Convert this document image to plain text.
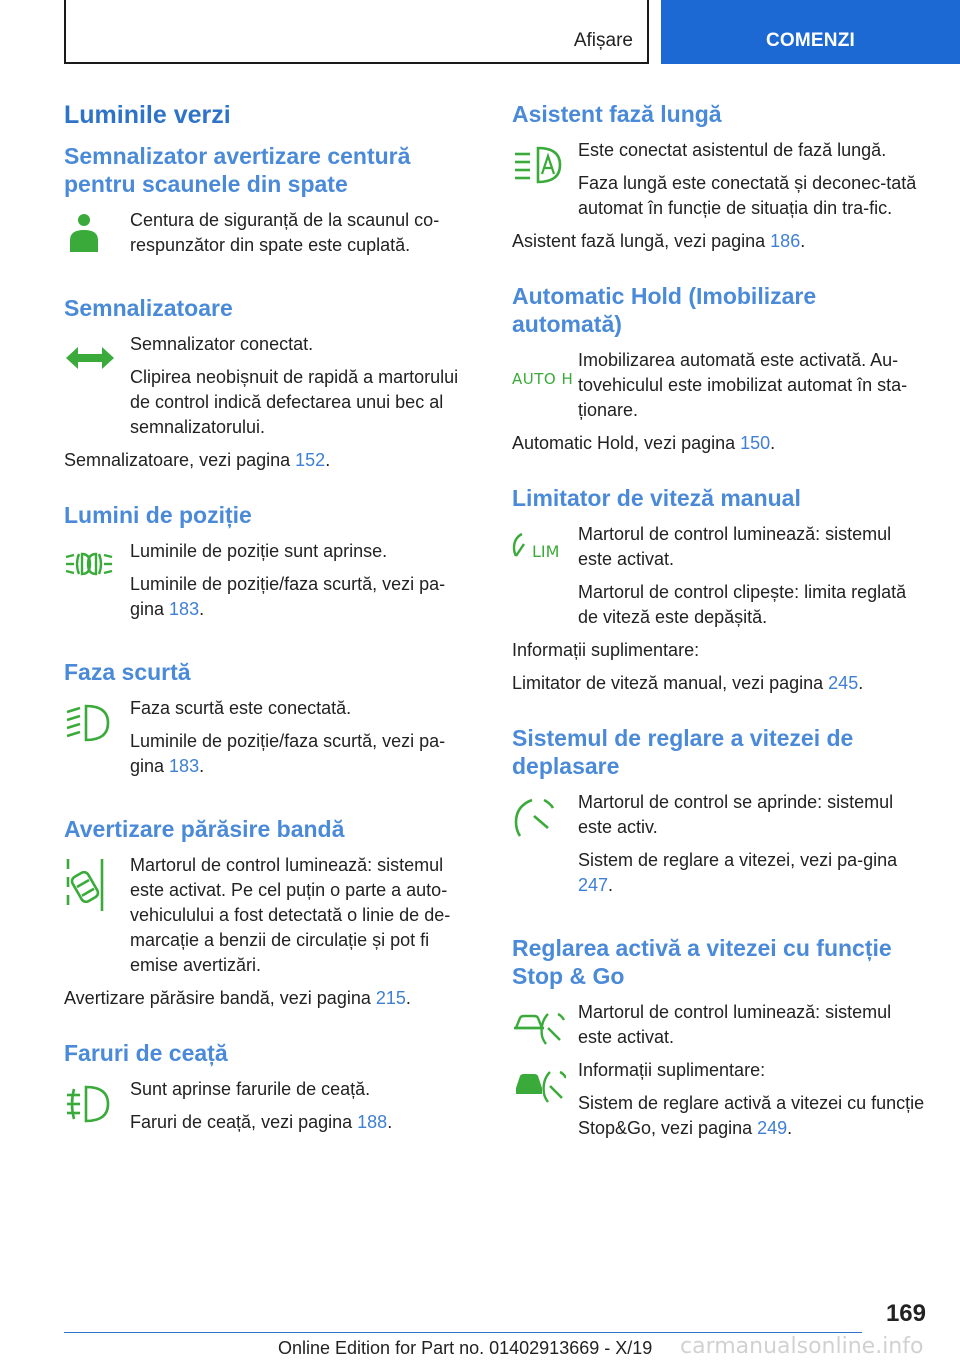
Afișare	COMENZI
Luminile verzi
Semnalizator avertizare centură pentru scaunele din spate

Centura de siguranță de la scaunul co-respunzător din spate este cuplată.

Semnalizatoare

Semnalizator conectat.

Clipirea neobișnuit de rapidă a martorului de control indică defectarea unui bec al semnalizatorului.

Semnalizatoare, vezi pagina 152.

Lumini de poziție

Luminile de poziție sunt aprinse.

Luminile de poziție/faza scurtă, vezi pa-gina 183.

Faza scurtă

Faza scurtă este conectată.

Luminile de poziție/faza scurtă, vezi pa-gina 183.

Avertizare părăsire bandă

Martorul de control luminează: sistemul este activat. Pe cel puțin o parte a auto-vehiculului a fost detectată o linie de de-marcație a benzii de circulație și pot fi emise avertizări.

Avertizare părăsire bandă, vezi pagina 215.

Faruri de ceață

Sunt aprinse farurile de ceață.

Faruri de ceață, vezi pagina 188.

Asistent fază lungă

Este conectat asistentul de fază lungă.

Faza lungă este conectată și deconec-tată automat în funcție de situația din tra-fic.

Asistent fază lungă, vezi pagina 186.

Automatic Hold (Imobilizare automată)
AUTO H

Imobilizarea automată este activată. Au-tovehiculul este imobilizat automat în sta-ționare.

Automatic Hold, vezi pagina 150.

Limitator de viteză manual
LIM

Martorul de control luminează: sistemul este activat.

Martorul de control clipește: limita reglată de viteză este depășită.

Informații suplimentare:

Limitator de viteză manual, vezi pagina 245.

Sistemul de reglare a vitezei de deplasare

Martorul de control se aprinde: sistemul este activ.

Sistem de reglare a vitezei, vezi pa-gina 247.

Reglarea activă a vitezei cu funcție Stop & Go

Martorul de control luminează: sistemul este activat.

Informații suplimentare:

Sistem de reglare activă a vitezei cu funcție Stop&Go, vezi pagina 249.

169
Online Edition for Part no. 01402913669 - X/19 carmanualsonline.info
